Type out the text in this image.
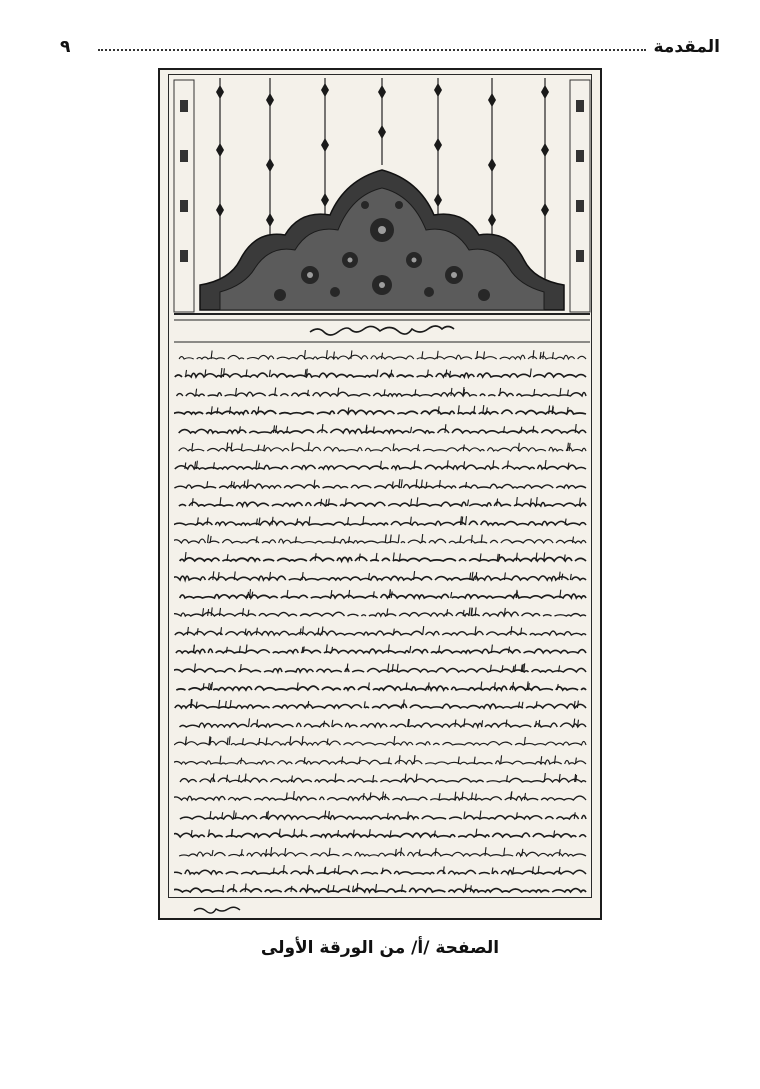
٩	المقدمة
الصفحة /أ/ من الورقة الأولى
